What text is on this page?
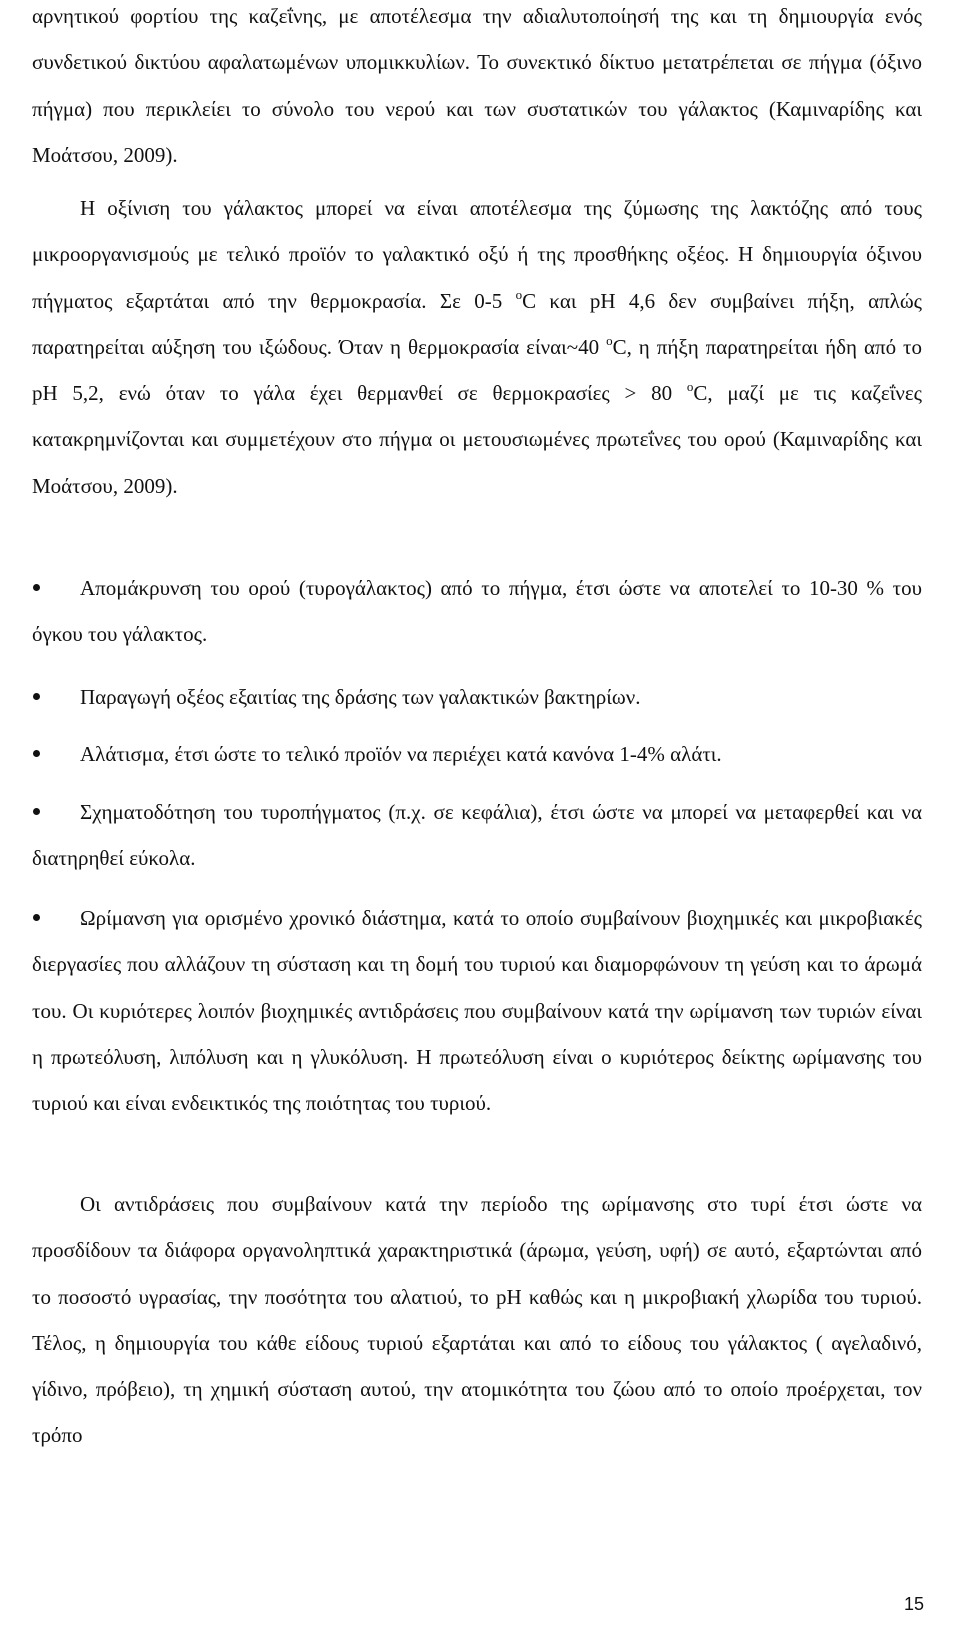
αρνητικού φορτίου της καζεΐνης, με αποτέλεσμα την αδιαλυτοποίησή της και τη δημιουργία ενός συνδετικού δικτύου αφαλατωμένων υπομικκυλίων. Το συνεκτικό δίκτυο μετατρέπεται σε πήγμα (όξινο πήγμα) που περικλείει το σύνολο του νερού και των συστατικών του γάλακτος (Καμιναρίδης και Μοάτσου, 2009).

Η οξίνιση του γάλακτος μπορεί να είναι αποτέλεσμα της ζύμωσης της λακτόζης από τους μικροοργανισμούς με τελικό προϊόν το γαλακτικό οξύ ή της προσθήκης οξέος. Η δημιουργία όξινου πήγματος εξαρτάται από την θερμοκρασία. Σε 0-5 $^o$C και pH 4,6 δεν συμβαίνει πήξη, απλώς παρατηρείται αύξηση του ιξώδους. Όταν η θερμοκρασία είναι~40 $^o$C, η πήξη παρατηρείται ήδη από το pH 5,2, ενώ όταν το γάλα έχει θερμανθεί σε θερμοκρασίες > 80 $^o$C, μαζί με τις καζεΐνες κατακρημνίζονται και συμμετέχουν στο πήγμα οι μετουσιωμένες πρωτεΐνες του ορού (Καμιναρίδης και Μοάτσου, 2009).

Απομάκρυνση του ορού (τυρογάλακτος) από το πήγμα, έτσι ώστε να αποτελεί το 10-30 % του όγκου του γάλακτος.

Παραγωγή οξέος εξαιτίας της δράσης των γαλακτικών βακτηρίων.

Αλάτισμα, έτσι ώστε το τελικό προϊόν να περιέχει κατά κανόνα 1-4% αλάτι.

Σχηματοδότηση του τυροπήγματος (π.χ. σε κεφάλια), έτσι ώστε να μπορεί να μεταφερθεί και να διατηρηθεί εύκολα.

Ωρίμανση για ορισμένο χρονικό διάστημα, κατά το οποίο συμβαίνουν βιοχημικές και μικροβιακές διεργασίες που αλλάζουν τη σύσταση και τη δομή του τυριού και διαμορφώνουν τη γεύση και το άρωμά του. Οι κυριότερες λοιπόν βιοχημικές αντιδράσεις που συμβαίνουν κατά την ωρίμανση των τυριών είναι η πρωτεόλυση, λιπόλυση και η γλυκόλυση. Η πρωτεόλυση είναι ο κυριότερος δείκτης ωρίμανσης του τυριού και είναι ενδεικτικός της ποιότητας του τυριού.

Οι αντιδράσεις που συμβαίνουν κατά την περίοδο της ωρίμανσης στο τυρί έτσι ώστε να προσδίδουν τα διάφορα οργανοληπτικά χαρακτηριστικά (άρωμα, γεύση, υφή) σε αυτό, εξαρτώνται από το ποσοστό υγρασίας, την ποσότητα του αλατιού, το pH καθώς και η μικροβιακή χλωρίδα του τυριού. Τέλος, η δημιουργία του κάθε είδους τυριού εξαρτάται και από το είδους του γάλακτος ( αγελαδινό, γίδινο, πρόβειο), τη χημική σύσταση αυτού, την ατομικότητα του ζώου από το οποίο προέρχεται, τον τρόπο

15
